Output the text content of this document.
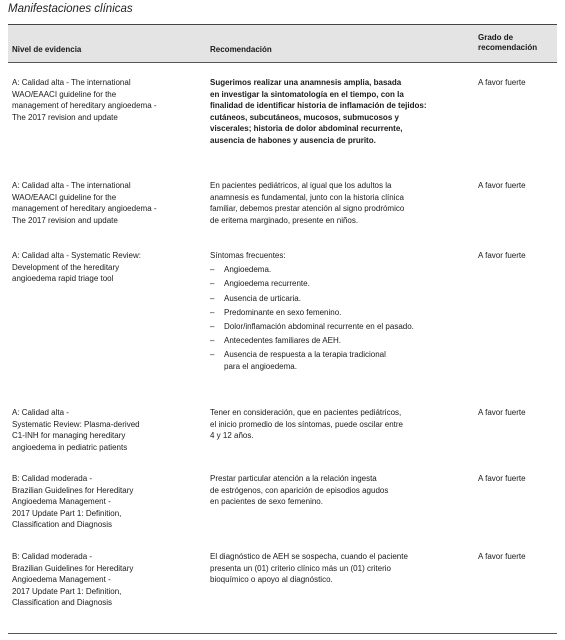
Manifestaciones clínicas
Nivel de evidencia	Recomendación
Grado de
recomendación
A: Calidad alta - The international
WAO/EAACI guideline for the
management of hereditary angioedema -
The 2017 revision and update
Sugerimos realizar una anamnesis amplia, basada
en investigar la sintomatología en el tiempo, con la
finalidad de identificar historia de inflamación de tejidos:
cutáneos, subcutáneos, mucosos, submucosos y
viscerales; historia de dolor abdominal recurrente,
ausencia de habones y ausencia de prurito.
A favor fuerte
A: Calidad alta - The international
WAO/EAACI guideline for the
management of hereditary angioedema -
The 2017 revision and update
En pacientes pediátricos, al igual que los adultos la
anamnesis es fundamental, junto con la historia clínica
familiar, debemos prestar atención al signo prodrómico
de eritema marginado, presente en niños.
A favor fuerte
A: Calidad alta - Systematic Review:
Development of the hereditary
angioedema rapid triage tool
Síntomas frecuentes:
– Angioedema.
– Angioedema recurrente.
– Ausencia de urticaria.
– Predominante en sexo femenino.
– Dolor/inflamación abdominal recurrente en el pasado.
– Antecedentes familiares de AEH.
– Ausencia de respuesta a la terapia tradicional
para el angioedema.
A favor fuerte
A: Calidad alta -
Systematic Review: Plasma-derived
C1-INH for managing hereditary
angioedema in pediatric patients
Tener en consideración, que en pacientes pediátricos,
el inicio promedio de los síntomas, puede oscilar entre
4 y 12 años.
A favor fuerte
B: Calidad moderada -
Brazilian Guidelines for Hereditary
Angioedema Management -
2017 Update Part 1: Definition,
Classification and Diagnosis
Prestar particular atención a la relación ingesta
de estrógenos, con aparición de episodios agudos
en pacientes de sexo femenino.
A favor fuerte
B: Calidad moderada -
Brazilian Guidelines for Hereditary
Angioedema Management -
2017 Update Part 1: Definition,
Classification and Diagnosis
El diagnóstico de AEH se sospecha, cuando el paciente
presenta un (01) criterio clínico más un (01) criterio
bioquímico o apoyo al diagnóstico.
A favor fuerte
